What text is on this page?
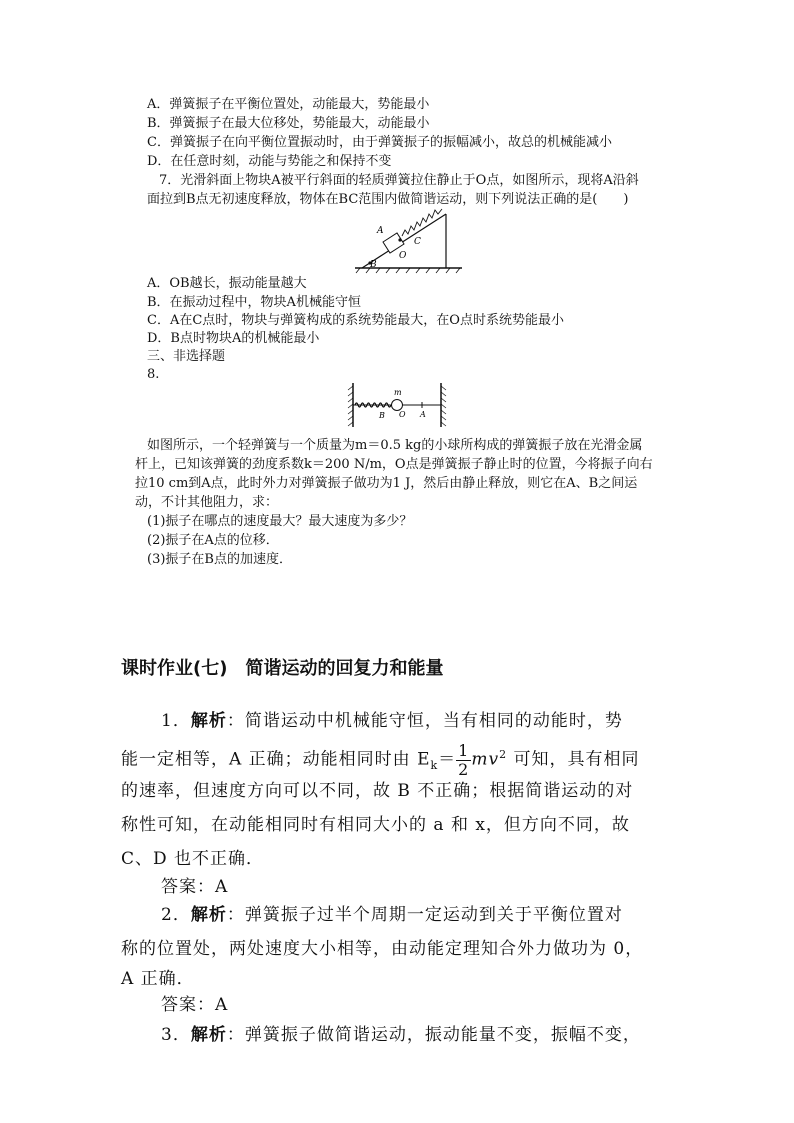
A．弹簧振子在平衡位置处，动能最大，势能最小
B．弹簧振子在最大位移处，势能最大，动能最小
C．弹簧振子在向平衡位置振动时，由于弹簧振子的振幅减小，故总的机械能减小
D．在任意时刻，动能与势能之和保持不变
7．光滑斜面上物块A被平行斜面的轻质弹簧拉住静止于O点，如图所示，现将A沿斜
面拉到B点无初速度释放，物体在BC范围内做简谐运动，则下列说法正确的是(　　)
A
O
B
C
A．OB越长，振动能量越大
B．在振动过程中，物块A机械能守恒
C．A在C点时，物块与弹簧构成的系统势能最大，在O点时系统势能最小
D．B点时物块A的机械能最小
三、非选择题
8.
m
B O A
如图所示，一个轻弹簧与一个质量为m＝0.5 kg的小球所构成的弹簧振子放在光滑金属
杆上，已知该弹簧的劲度系数k＝200 N/m，O点是弹簧振子静止时的位置，今将振子向右
拉10 cm到A点，此时外力对弹簧振子做功为1 J，然后由静止释放，则它在A、B之间运
动，不计其他阻力，求：
(1)振子在哪点的速度最大？最大速度为多少？
(2)振子在A点的位移．
(3)振子在B点的加速度．
课时作业(七)　简谐运动的回复力和能量
1．解析：简谐运动中机械能守恒，当有相同的动能时，势
能一定相等，A 正确；动能相同时由 $E_k= \frac{1}{2} mv^2$ 可知，具有相同
的速率，但速度方向可以不同，故 B 不正确；根据简谐运动的对
称性可知，在动能相同时有相同大小的 a 和 x，但方向不同，故
C、D 也不正确．
答案：A
2．解析：弹簧振子过半个周期一定运动到关于平衡位置对
称的位置处，两处速度大小相等，由动能定理知合外力做功为 0，
A 正确．
答案：A
3．解析：弹簧振子做简谐运动，振动能量不变，振幅不变，
